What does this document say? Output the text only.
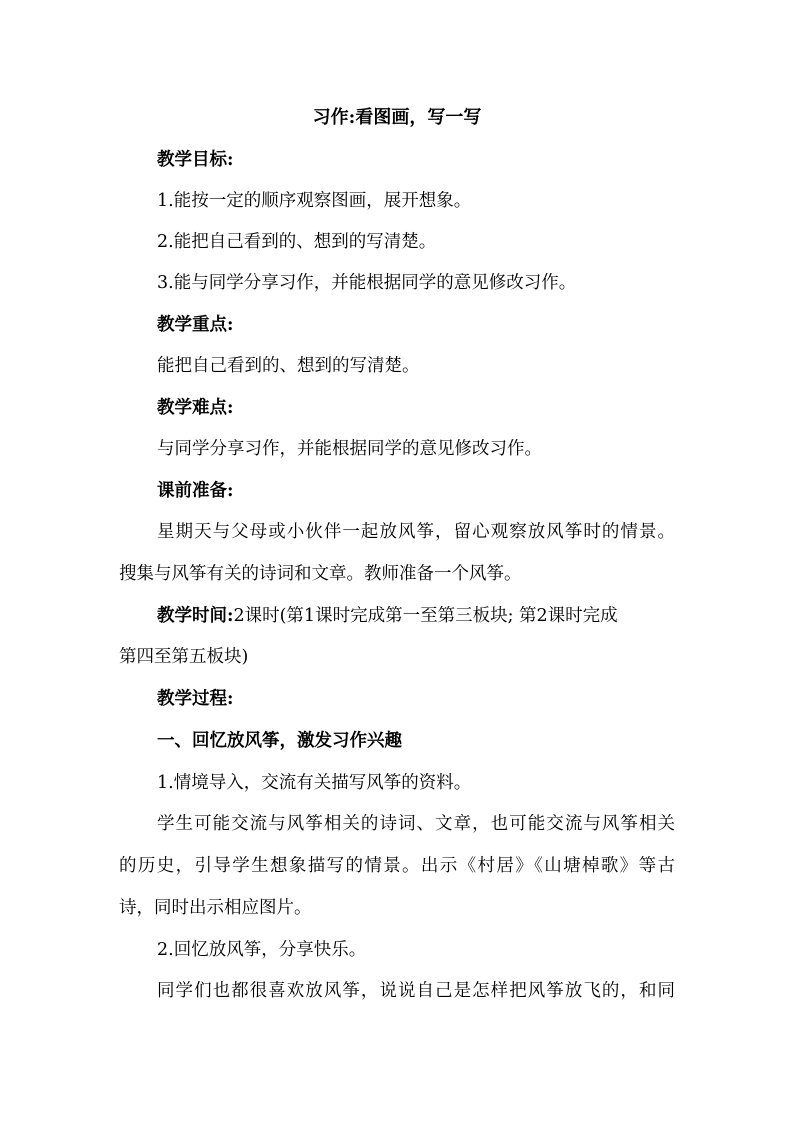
习作:看图画，写一写
教学目标:
1.能按一定的顺序观察图画，展开想象。
2.能把自己看到的、想到的写清楚。
3.能与同学分享习作，并能根据同学的意见修改习作。
教学重点:
能把自己看到的、想到的写清楚。
教学难点:
与同学分享习作，并能根据同学的意见修改习作。
课前准备:
星期天与父母或小伙伴一起放风筝，留心观察放风筝时的情景。
搜集与风筝有关的诗词和文章。教师准备一个风筝。
教学时间:2课时(第1课时完成第一至第三板块; 第2课时完成
第四至第五板块)
教学过程:
一、回忆放风筝，激发习作兴趣
1.情境导入，交流有关描写风筝的资料。
学生可能交流与风筝相关的诗词、文章，也可能交流与风筝相关
的历史，引导学生想象描写的情景。出示《村居》《山塘棹歌》等古
诗，同时出示相应图片。
2.回忆放风筝，分享快乐。
同学们也都很喜欢放风筝，说说自己是怎样把风筝放飞的，和同
